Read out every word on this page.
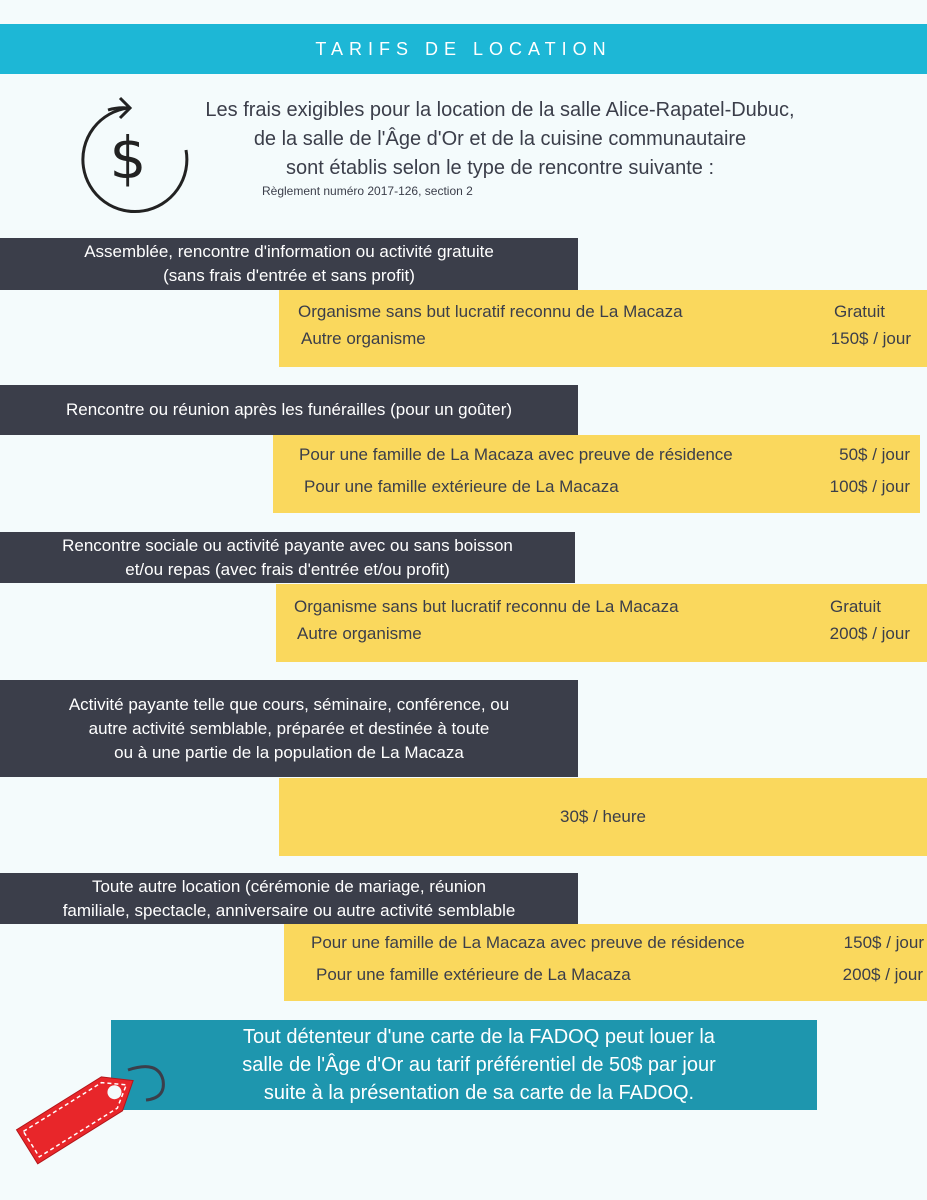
TARIFS DE LOCATION
$
Les frais exigibles pour la location de la salle Alice-Rapatel-Dubuc,
de la salle de l'Âge d'Or et de la cuisine communautaire
sont établis selon le type de rencontre suivante :
Règlement numéro 2017-126, section 2
Assemblée, rencontre d'information ou activité gratuite
(sans frais d'entrée et sans profit)
Organisme sans but lucratif reconnu de La Macaza	Gratuit
Autre organisme	150$ / jour
Rencontre ou réunion après les funérailles (pour un goûter)
Pour une famille de La Macaza avec preuve de résidence	50$ / jour
Pour une famille extérieure de La Macaza	100$ / jour
Rencontre sociale ou activité payante avec ou sans boisson
et/ou repas (avec frais d'entrée et/ou profit)
Organisme sans but lucratif reconnu de La Macaza	Gratuit
Autre organisme	200$ / jour
Activité payante telle que cours, séminaire, conférence, ou
autre activité semblable, préparée et destinée à toute
ou à une partie de la population de La Macaza
30$ / heure
Toute autre location (cérémonie de mariage, réunion
familiale, spectacle, anniversaire ou autre activité semblable
Pour une famille de La Macaza avec preuve de résidence	150$ / jour
Pour une famille extérieure de La Macaza	200$ / jour
Tout détenteur d'une carte de la FADOQ peut louer la
salle de l'Âge d'Or au tarif préférentiel de 50$ par jour
suite à la présentation de sa carte de la FADOQ.
